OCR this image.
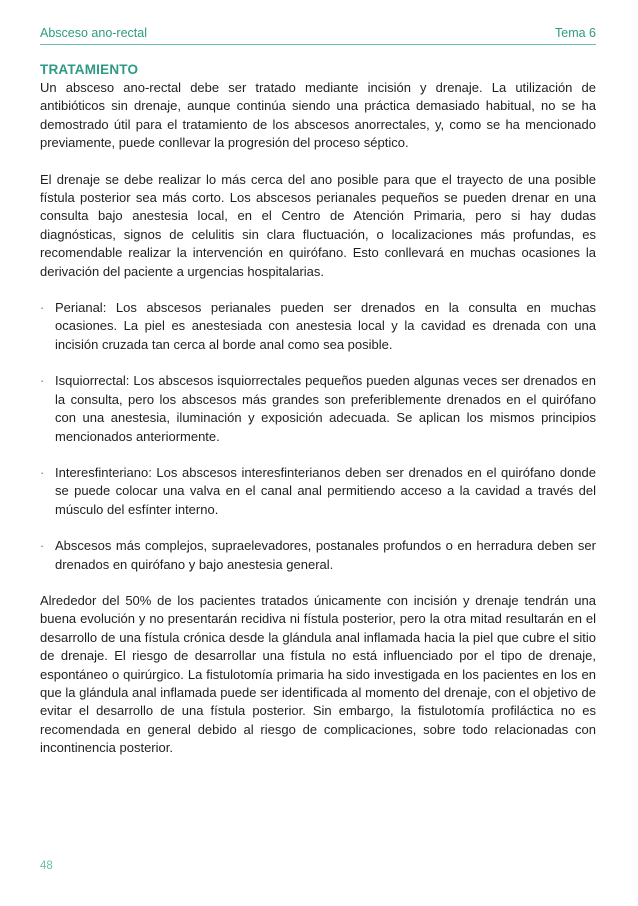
Absceso ano-rectal	Tema 6
TRATAMIENTO

Un absceso ano-rectal debe ser tratado mediante incisión y drenaje. La utilización de antibióticos sin drenaje, aunque continúa siendo una práctica demasiado habitual, no se ha demostrado útil para el tratamiento de los abscesos anorrectales, y, como se ha mencionado previamente, puede conllevar la progresión del proceso séptico.

El drenaje se debe realizar lo más cerca del ano posible para que el trayecto de una posible fístula posterior sea más corto. Los abscesos perianales pequeños se pueden drenar en una consulta bajo anestesia local, en el Centro de Atención Primaria, pero si hay dudas diagnósticas, signos de celulitis sin clara fluctuación, o localizaciones más profundas, es recomendable realizar la intervención en quirófano. Esto conllevará en muchas ocasiones la derivación del paciente a urgencias hospitalarias.

· Perianal: Los abscesos perianales pueden ser drenados en la consulta en muchas ocasiones. La piel es anestesiada con anestesia local y la cavidad es drenada con una incisión cruzada tan cerca al borde anal como sea posible.
· Isquiorrectal: Los abscesos isquiorrectales pequeños pueden algunas veces ser drenados en la consulta, pero los abscesos más grandes son preferiblemente drenados en el quirófano con una anestesia, iluminación y exposición adecuada. Se aplican los mismos principios mencionados anteriormente.
· Interesfinteriano: Los abscesos interesfinterianos deben ser drenados en el quirófano donde se puede colocar una valva en el canal anal permitiendo acceso a la cavidad a través del músculo del esfínter interno.
· Abscesos más complejos, supraelevadores, postanales profundos o en herradura deben ser drenados en quirófano y bajo anestesia general.

Alrededor del 50% de los pacientes tratados únicamente con incisión y drenaje tendrán una buena evolución y no presentarán recidiva ni fístula posterior, pero la otra mitad resultarán en el desarrollo de una fístula crónica desde la glándula anal inflamada hacia la piel que cubre el sitio de drenaje. El riesgo de desarrollar una fístula no está influenciado por el tipo de drenaje, espontáneo o quirúrgico. La fistulotomía primaria ha sido investigada en los pacientes en los en que la glándula anal inflamada puede ser identificada al momento del drenaje, con el objetivo de evitar el desarrollo de una fístula posterior. Sin embargo, la fistulotomía profiláctica no es recomendada en general debido al riesgo de complicaciones, sobre todo relacionadas con incontinencia posterior.

48
